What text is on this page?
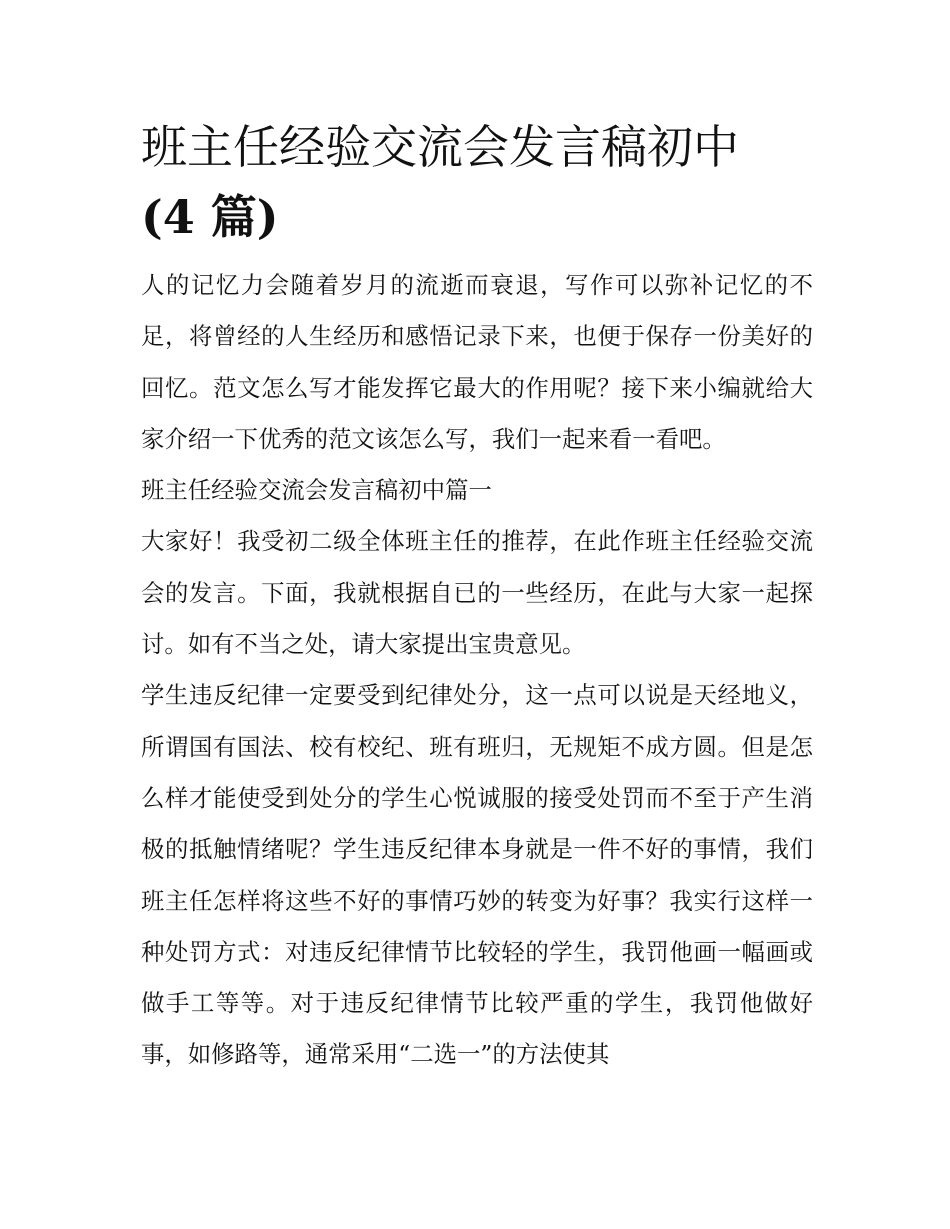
班主任经验交流会发言稿初中
(4 篇)

人的记忆力会随着岁月的流逝而衰退，写作可以弥补记忆的不足，将曾经的人生经历和感悟记录下来，也便于保存一份美好的回忆。范文怎么写才能发挥它最大的作用呢？接下来小编就给大家介绍一下优秀的范文该怎么写，我们一起来看一看吧。

班主任经验交流会发言稿初中篇一

大家好！我受初二级全体班主任的推荐，在此作班主任经验交流会的发言。下面，我就根据自已的一些经历，在此与大家一起探讨。如有不当之处，请大家提出宝贵意见。

学生违反纪律一定要受到纪律处分，这一点可以说是天经地义，所谓国有国法、校有校纪、班有班归，无规矩不成方圆。但是怎么样才能使受到处分的学生心悦诚服的接受处罚而不至于产生消极的抵触情绪呢？学生违反纪律本身就是一件不好的事情，我们班主任怎样将这些不好的事情巧妙的转变为好事？我实行这样一种处罚方式：对违反纪律情节比较轻的学生，我罚他画一幅画或做手工等等。对于违反纪律情节比较严重的学生，我罚他做好事，如修路等，通常采用“二选一”的方法使其
